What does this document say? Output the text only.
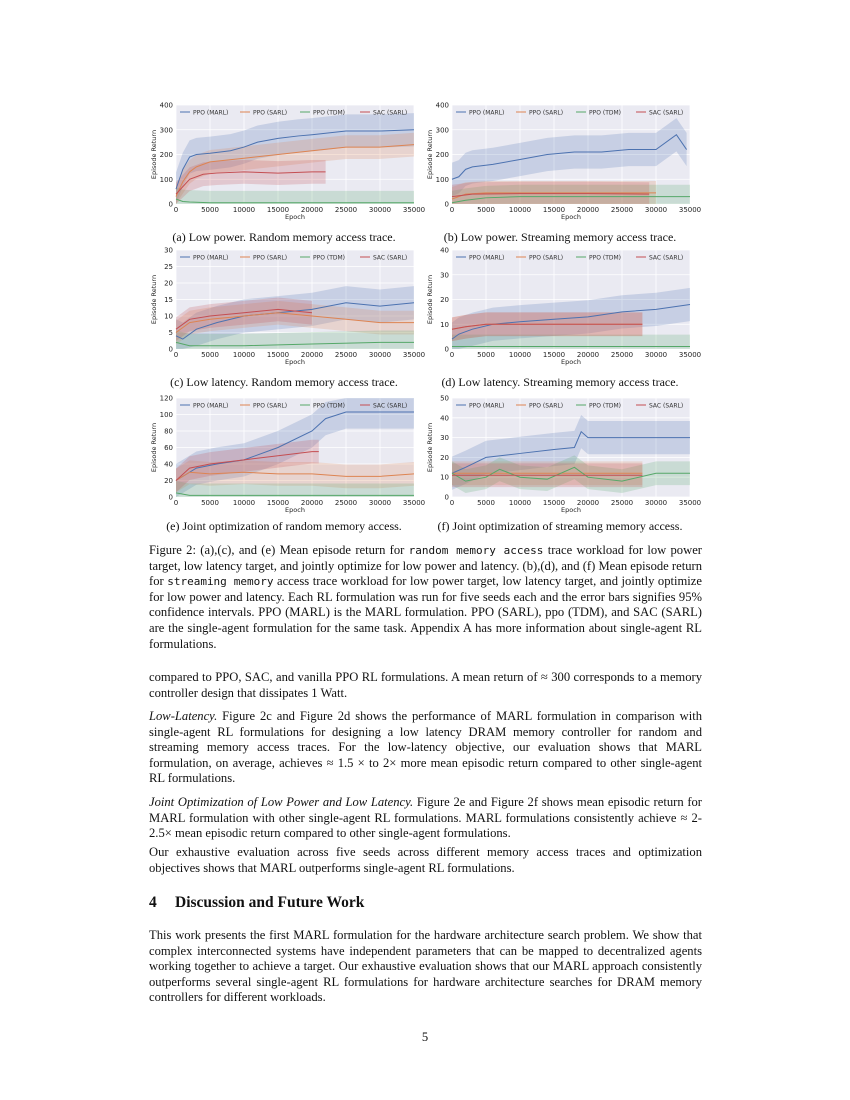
PPO (MARL)	PPO (SARL)	PPO (TDM)	SAC (SARL)
0	5000 10000 15000 20000 25000 30000 35000
0
100
200
300
400
Epoch
Episode Return
PPO (MARL)	PPO (SARL)	PPO (TDM)	SAC (SARL)
0	5000 10000 15000 20000 25000 30000 35000
0
100
200
300
400
Epoch
Episode Return
PPO (MARL)	PPO (SARL)	PPO (TDM)	SAC (SARL)
0	5000 10000 15000 20000 25000 30000 35000
0
5
10
15
20
25
30
Epoch
Episode Return
PPO (MARL)	PPO (SARL)	PPO (TDM)	SAC (SARL)
0	5000 10000 15000 20000 25000 30000 35000
0
10
20
30
40
Epoch
Episode Return
PPO (MARL)	PPO (SARL)	PPO (TDM)	SAC (SARL)
0	5000 10000 15000 20000 25000 30000 35000
0
20
40
60
80
100
120
Epoch
Episode Return
PPO (MARL)	PPO (SARL)	PPO (TDM)	SAC (SARL)
0	5000 10000 15000 20000 25000 30000 35000
0
10
20
30
40
50
Epoch
Episode Return
(a) Low power. Random memory access trace.	(b) Low power. Streaming memory access trace.
(c) Low latency. Random memory access trace.	(d) Low latency. Streaming memory access trace.
(e) Joint optimization of random memory access.	(f) Joint optimization of streaming memory access.
Figure 2: (a),(c), and (e) Mean episode return for random memory access trace workload for low power target, low latency target, and jointly optimize for low power and latency. (b),(d), and (f) Mean episode return for streaming memory access trace workload for low power target, low latency target, and jointly optimize for low power and latency. Each RL formulation was run for five seeds each and the error bars signifies 95% confidence intervals. PPO (MARL) is the MARL formulation. PPO (SARL), ppo (TDM), and SAC (SARL) are the single-agent formulation for the same task. Appendix A has more information about single-agent RL formulations.

compared to PPO, SAC, and vanilla PPO RL formulations. A mean return of ≈ 300 corresponds to a memory controller design that dissipates 1 Watt.

Low-Latency. Figure 2c and Figure 2d shows the performance of MARL formulation in comparison with single-agent RL formulations for designing a low latency DRAM memory controller for random and streaming memory access traces. For the low-latency objective, our evaluation shows that MARL formulation, on average, achieves ≈ 1.5 × to 2× more mean episodic return compared to other single-agent RL formulations.

Joint Optimization of Low Power and Low Latency. Figure 2e and Figure 2f shows mean episodic return for MARL formulation with other single-agent RL formulations. MARL formulations consistently achieve ≈ 2-2.5× mean episodic return compared to other single-agent formulations.

Our exhaustive evaluation across five seeds across different memory access traces and optimization objectives shows that MARL outperforms single-agent RL formulations.

4 Discussion and Future Work

This work presents the first MARL formulation for the hardware architecture search problem. We show that complex interconnected systems have independent parameters that can be mapped to decentralized agents working together to achieve a target. Our exhaustive evaluation shows that our MARL approach consistently outperforms several single-agent RL formulations for hardware architecture searches for DRAM memory controllers for different workloads.

5
